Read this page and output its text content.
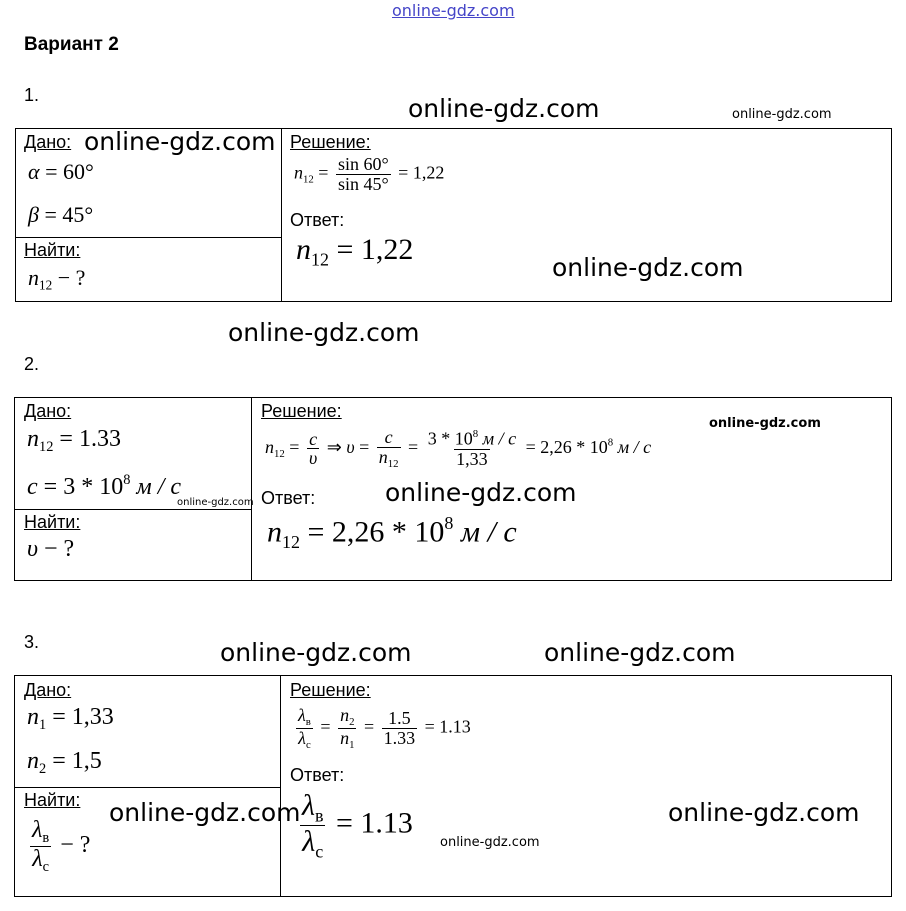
online-gdz.com
Вариант 2
1.	online-gdz.com	online-gdz.com
Дано: online-gdz.com
α = 60°
β = 45°
Найти:
$n_{12}$ − ?
Решение:
$n_{12} = \frac{\sin 60^\circ}{\sin 45^\circ} = 1,22$
Ответ:
$n_{12} = 1,22$
online-gdz.com
online-gdz.com
2.
Дано:
$n_{12} = 1.33$
$c = 3 * 10^8$ м / с
online-gdz.com
Найти:
υ − ?
Решение:
online-gdz.com
$n_{12} = \frac{c}{\upsilon}$ ⇒ $\upsilon = \frac{c}{n_{12}} = \frac{3 * 10^8 м / с}{1,33} = 2,26 * 10^8$ м / с
Ответ:	online-gdz.com
$n_{12} = 2,26 * 10^8$ м / с
3.	online-gdz.com	online-gdz.com
Дано:
$n_1 = 1,33$
$n_2 = 1,5$
Найти:
$\frac{\lambda_в}{\lambda_с}$ − ?
online-gdz.com
Решение:
$\frac{\lambda_в}{\lambda_с} = \frac{n_2}{n_1} = \frac{1.5}{1.33} = 1.13$
Ответ:
$\frac{\lambda_в}{\lambda_с} = 1.13$
online-gdz.com
online-gdz.com
